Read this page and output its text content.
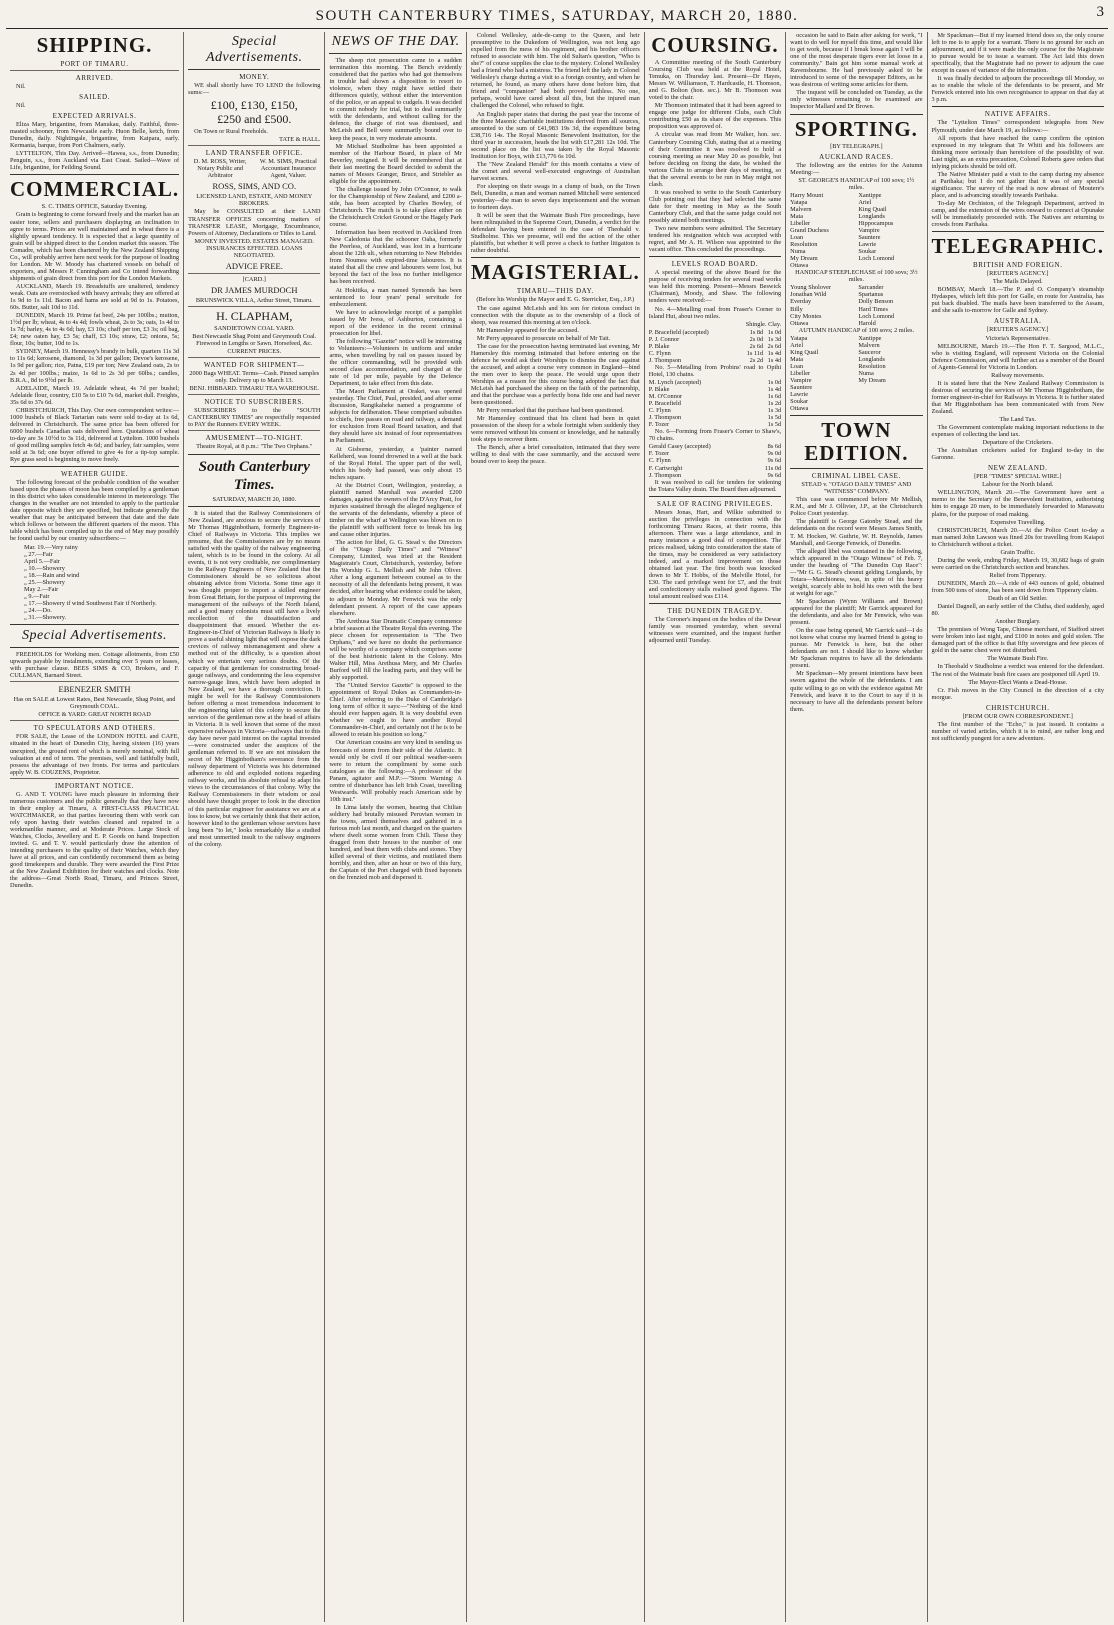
SOUTH CANTERBURY TIMES, SATURDAY, MARCH 20, 1880.	3
SHIPPING.
PORT OF TIMARU.
ARRIVED.

Nil.

SAILED.

Nil.

EXPECTED ARRIVALS.

Eliza Mary, brigantine, from Manukau, daily. Faithful, three-masted schooner, from Newcastle early. Huon Belle, ketch, from Dunedin, daily. Nightingale, brigantine, from Kaipara, early. Kermania, barque, from Port Chalmers, early.

LYTTELTON, This Day. Arrived—Hawea, s.s., from Dunedin; Penguin, s.s., from Auckland via East Coast. Sailed—Wave of Life, brigantine, for Feilding Sound.

COMMERCIAL.

S. C. TIMES OFFICE, Saturday Evening.

Grain is beginning to come forward freely and the market has an easier tone, sellers and purchasers displaying an inclination to agree to terms. Prices are well maintained and in wheat there is a slightly upward tendency. It is expected that a large quantity of grain will be shipped direct to the London market this season. The Comadre, which has been chartered by the New Zealand Shipping Co., will probably arrive here next week for the purpose of loading for London. Mr W. Moody has chartered vessels on behalf of exporters, and Messrs P. Cunningham and Co intend forwarding shipments of grain direct from this port for the London Markets.

AUCKLAND, March 19. Breadstuffs are unaltered, tendency weak. Oats are overstocked with heavy arrivals; they are offered at 1s 9d to 1s 11d. Bacon and hams are sold at 9d to 1s. Potatoes, 60s. Butter, salt 10d to 11d.

DUNEDIN, March 19. Prime fat beef, 24s per 100lbs.; mutton, 1½d per lb; wheat, 4s to 4s 4d; fowls wheat, 2s to 3s; oats, 1s 4d to 1s 7d; barley, 4s to 4s 6d; hay, £3 10s; chaff per ton, £3 3s; oil bag, £4; new oaten hay, £3 5s; chaff, £3 10s; straw, £2; onions, 5s; flour, 10s; butter, 10d to 1s.

SYDNEY, March 19. Hennessy's brandy in bulk, quarters 11s 3d to 11s 6d; kerosene, diamond, 1s 3d per gallon; Devoe's kerosene, 1s 9d per gallon; rice, Patna, £19 per ton; New Zealand oats, 2s to 2s 4d per 100lbs.; maize, 1s 6d to 2s 3d per 60lbs.; candles, B.R.A., 8d to 9½d per lb.

ADELAIDE, March 19. Adelaide wheat, 4s 7d per bushel; Adelaide flour, country, £10 5s to £10 7s 6d, market dull. Freights, 35s 6d to 37s 6d.

CHRISTCHURCH, This Day. Our own correspondent writes:—1000 bushels of Black Tartarian oats were sold to-day at 1s 6d, delivered in Christchurch. The same price has been offered for 6000 bushels Canadian oats delivered here. Quotations of wheat to-day are 3s 10½d to 3s 11d, delivered at Lyttelton. 1000 bushels of good milling samples fetch 4s 6d; and barley, fair samples, were sold at 3s 6d; one buyer offered to give 4s for a tip-top sample. Rye grass seed is beginning to move freely.

WEATHER GUIDE.

The following forecast of the probable condition of the weather based upon the phases of moon has been compiled by a gentleman in this district who takes considerable interest in meteorology. The changes in the weather are not intended to apply to the particular date opposite which they are specified, but indicate generally the weather that may be anticipated between that date and the date which follows or between the different quarters of the moon. This table which has been compiled up to the end of May may possibly be found useful by our country subscribers:—

Mar. 19.—Very rainy
„ 27.—Fair
April 5.—Fair
„ 10.—Showery
„ 18.—Rain and wind
„ 25.—Showery
May 2.—Fair
„ 9.—Fair
„ 17.—Showery if wind Southwest Fair if Northerly.
„ 24.—Do.
„ 31.—Showery.
Special Advertisements.

FREEHOLDS for Working men. Cottage allotments, from £50 upwards payable by instalments, extending over 5 years or leases, with purchase clause. BEES SIMS & CO, Brokers, and F. CULLMAN, Barnard Street.

EBENEZER SMITH

Has on SALE at Lowest Rates, Best Newcastle, Shag Point, and Greymouth COAL.

OFFICE & YARD: GREAT NORTH ROAD

TO SPECULATORS AND OTHERS.

FOR SALE, the Lease of the LONDON HOTEL and CAFE, situated in the heart of Dunedin City, having sixteen (16) years unexpired, the ground rent of which is merely nominal, with full valuation at end of term. The premises, well and faithfully built, possess the advantage of two fronts. For terms and particulars apply W. B. COUZENS, Proprietor.

IMPORTANT NOTICE.

G. AND T. YOUNG have much pleasure in informing their numerous customers and the public generally that they have now in their employ at Timaru, A FIRST-CLASS PRACTICAL WATCHMAKER, so that parties favouring them with work can rely upon having their watches cleaned and repaired in a workmanlike manner, and at Moderate Prices. Large Stock of Watches, Clocks, Jewellery and E. P. Goods on hand. Inspection invited. G. and T. Y. would particularly draw the attention of intending purchasers to the quality of their Watches, which they have at all prices, and can confidently recommend them as being good timekeepers and durable. They were awarded the First Prize at the New Zealand Exhibition for their watches and clocks. Note the address—Great North Road, Timaru, and Princes Street, Dunedin.

Special Advertisements.
MONEY.

WE shall shortly have TO LEND the following sums:—

£100, £130, £150,
£250 and £500.

On Town or Rural Freeholds.

TATE & HALL.

LAND TRANSFER OFFICE.
D. M. ROSS, Writer, Notary Public and Arbitrator
W. M. SIMS, Practical Accountant Insurance Agent, Valuer.
ROSS, SIMS, AND CO.

LICENSED LAND, ESTATE, AND MONEY BROKERS.

May be CONSULTED at their LAND TRANSFER OFFICES concerning matters of TRANSFER LEASE, Mortgage, Encumbrance, Powers of Attorney, Declarations or Titles to Land.

MONEY INVESTED. ESTATES MANAGED. INSURANCES EFFECTED. LOANS NEGOTIATED.

ADVICE FREE.

[CARD.]

DR JAMES MURDOCH

BRUNSWICK VILLA, Arthur Street, Timaru.

H. CLAPHAM,

SANDIETOWN COAL YARD.

Best Newcastle Shag Point and Greymouth Coal. Firewood in Lengths or Sawn. Horsefeed, &c.

CURRENT PRICES.

WANTED FOR SHIPMENT—

2000 Bags WHEAT. Terms—Cash. Pinned samples only. Delivery up to March 13.

BENJ. HIBBARD. TIMARU TEA WAREHOUSE.

NOTICE TO SUBSCRIBERS.

SUBSCRIBERS to the "SOUTH CANTERBURY TIMES" are respectfully requested to PAY the Runners EVERY WEEK.

AMUSEMENT—TO-NIGHT.

Theatre Royal, at 8 p.m.: "The Two Orphans."

South Canterbury Times.

SATURDAY, MARCH 20, 1880.

It is stated that the Railway Commissioners of New Zealand, are anxious to secure the services of Mr Thomas Higginbotham, formerly Engineer-in-Chief of Railways in Victoria. This implies we presume, that the Commissioners are by no means satisfied with the quality of the railway engineering talent, which is to be found in the colony. At all events, it is not very creditable, nor complimentary to the Railway Engineers of New Zealand that the Commissioners should be so solicitous about obtaining advice from Victoria. Some time ago it was thought proper to import a skilled engineer from Great Britain, for the purpose of improving the management of the railways of the North Island, and a good many colonists must still have a lively recollection of the dissatisfaction and disappointment that ensued. Whether the ex-Engineer-in-Chief of Victorian Railways is likely to prove a useful shining light that will expose the dark crevices of railway mismanagement and shew a method out of the difficulty, is a question about which we entertain very serious doubts. Of the capacity of that gentleman for constructing broad-gauge railways, and condemning the less expensive narrow-gauge lines, which have been adopted in New Zealand, we have a thorough conviction. It might be well for the Railway Commissioners before offering a most tremendous inducement to the engineering talent of this colony to secure the services of the gentleman now at the head of affairs in Victoria. It is well known that some of the most expensive railways in Victoria—railways that to this day have never paid interest on the capital invested—were constructed under the auspices of the gentleman referred to. If we are not mistaken the secret of Mr Higginbotham's severance from the railway department of Victoria was his determined adherence to old and exploded notions regarding railway works, and his absolute refusal to adapt his views to the circumstances of that colony. Why the Railway Commissioners in their wisdom or zeal should have thought proper to look in the direction of this particular engineer for assistance we are at a loss to know, but we certainly think that their action, however kind to the gentleman whose services have long been "to let," looks remarkably like a studied and most unmerited insult to the railway engineers of the colony.

NEWS OF THE DAY.

The sheep riot prosecution came to a sudden termination this morning. The Bench evidently considered that the parties who had got themselves in trouble had shown a disposition to resort to violence, when they might have settled their differences quietly, without either the intervention of the police, or an appeal to cudgels. It was decided to commit nobody for trial, but to deal summarily with the defendants, and without calling for the defence, the charge of riot was dismissed, and McLeish and Bell were summarily bound over to keep the peace, in very moderate amounts.

Mr Michael Studholme has been appointed a member of the Harbour Board, in place of Mr Beverley, resigned. It will be remembered that at their last meeting the Board decided to submit the names of Messrs Granger, Bruce, and Striebler as eligible for the appointment.

The challenge issued by John O'Connor, to walk for the Championship of New Zealand, and £200 a-side, has been accepted by Charles Bowley, of Christchurch. The match is to take place either on the Christchurch Cricket Ground or the Hagely Park course.

Information has been received in Auckland from New Caledonia that the schooner Oaha, formerly the Peerless, of Auckland, was lost in a hurricane about the 12th ult., when returning to New Hebrides from Noumea with expired-time labourers. It is stated that all the crew and labourers were lost, but beyond the fact of the loss no further intelligence has been received.

At Hokitika, a man named Symonds has been sentenced to four years' penal servitude for embezzlement.

We have to acknowledge receipt of a pamphlet issued by Mr Ivess, of Ashburton, containing a report of the evidence in the recent criminal prosecution for libel.

The following "Gazette" notice will be interesting to Volunteers:—Volunteers in uniform and under arms, when travelling by rail on passes issued by the officer commanding, will be provided with second class accommodation, and charged at the rate of 1d per mile, payable by the Defence Department, to take effect from this date.

The Maori Parliament at Orakei, was opened yesterday. The Chief, Paul, presided, and after some discussion, Rangikaheke named a programme of subjects for deliberation. These comprised subsidies to chiefs, free passes on road and railway, a demand for exclusion from Road Board taxation, and that they should have six instead of four representatives in Parliament.

At Gisborne, yesterday, a 'painter named Kelleherd, was found drowned in a well at the back of the Royal Hotel. The upper part of the well, which his body had passed, was only about 15 inches square.

At the District Court, Wellington, yesterday, a plaintiff named Marshall was awarded £200 damages, against the owners of the D'Arcy Pratt, for injuries sustained through the alleged negligence of the servants of the defendants, whereby a piece of timber on the wharf at Wellington was blown on to the plaintiff with sufficient force to break his leg and cause other injuries.

The action for libel, G. G. Stead v. the Directors of the "Otago Daily Times" and "Witness" Company, Limited, was tried at the Resident Magistrate's Court, Christchurch, yesterday, before His Worship G. L. Mellish and Mr John Oliver. After a long argument between counsel as to the necessity of all the defendants being present, it was decided, after hearing what evidence could be taken, to adjourn to Monday. Mr Fenwick was the only defendant present. A report of the case appears elsewhere.

The Arethusa Star Dramatic Company commence a brief season at the Theatre Royal this evening. The piece chosen for representation is "The Two Orphans," and we have no doubt the performance will be worthy of a company which comprises some of the best histrionic talent in the Colony. Mrs Walter Hill, Miss Arethusa Mery, and Mr Charles Burford will fill the leading parts, and they will be ably supported.

The "United Service Gazette" is opposed to the appointment of Royal Dukes as Commanders-in-Chief. After referring to the Duke of Cambridge's long term of office it says:—"Nothing of the kind should ever happen again. It is very doubtful even whether we ought to have another Royal Commander-in-Chief, and certainly not if he is to be allowed to retain his position so long."

Our American cousins are very kind in sending us forecasts of storm from their side of the Atlantic. It would only be civil if our political weather-seers were to return the compliment by some such catalogues as the following:—A professor of the Panam, agitator and M.P.:—"Storm Warning: A centre of disturbance has left Irish Coast, travelling Westwards. Will probably reach American side by 10th inst."

In Lima lately the women, hearing that Chilian soldiery had brutally misused Peruvian women in the towns, armed themselves and gathered in a furious mob last month, and charged on the quarters where dwelt some women from Chili. These they dragged from their houses to the number of one hundred, and beat them with clubs and stones. They killed several of their victims, and mutilated them horribly, and then, after an hour or two of this fury, the Captain of the Port charged with fixed bayonets on the frenzied mob and dispersed it.

Colonel Wellesley, aide-de-camp to the Queen, and heir presumptive to the Dukedom of Wellington, was not long ago expelled from the mess of his regiment, and his brother officers refused to associate with him. The old Sultan's question, "Who is she?" of course supplies the clue to the mystery. Colonel Wellesley had a friend who had a mistress. The friend left the lady in Colonel Wellesley's charge during a visit to a foreign country, and when he returned, he found, as many others have done before him, that friend and "companion" had both proved faithless. No one, perhaps, would have cared about all this, but the injured man challenged the Colonel, who refused to fight.

An English paper states that during the past year the income of the three Masonic charitable institutions derived from all sources, amounted to the sum of £41,983 19s 3d, the expenditure being £38,716 14s. The Royal Masonic Benevolent Institution, for the third year in succession, heads the list with £17,281 12s 10d. The second place on the list was taken by the Royal Masonic Institution for Boys, with £13,776 6s 10d.

The "New Zealand Herald" for this month contains a view of the comet and several well-executed engravings of Australian harvest scenes.

For sleeping on their swags in a clump of bush, on the Town Belt, Dunedin, a man and woman named Mitchell were sentenced yesterday—the man to seven days imprisonment and the woman to fourteen days.

It will be seen that the Waimate Bush Fire proceedings, have been relinquished in the Supreme Court, Dunedin, a verdict for the defendant having been entered in the case of Theobald v. Studholme. This we presume, will end the action of the other plaintiffs, but whether it will prove a check to further litigation is rather doubtful.

MAGISTERIAL.
TIMARU—THIS DAY.

(Before his Worship the Mayor and E. G. Sterricker, Esq., J.P.)

The case against McLeish and his son for riotous conduct in connection with the dispute as to the ownership of a flock of sheep, was resumed this morning at ten o'clock.

Mr Hamersley appeared for the accused.

Mr Perry appeared to prosecute on behalf of Mr Tait.

The case for the prosecution having terminated last evening, Mr Hamersley this morning intimated that before entering on the defence he would ask their Worships to dismiss the case against the accused, and adopt a course very common in England—bind the men over to keep the peace. He would urge upon their Worships as a reason for this course being adopted the fact that McLeish had purchased the sheep on the faith of the partnership, and that the purchase was a perfectly bona fide one and had never been questioned.

Mr Perry remarked that the purchase had been questioned.

Mr Hamersley continued that his client had been in quiet possession of the sheep for a whole fortnight when suddenly they were removed without his consent or knowledge, and he naturally took steps to recover them.

The Bench, after a brief consultation, intimated that they were willing to deal with the case summarily, and the accused were bound over to keep the peace.

COURSING.

A Committee meeting of the South Canterbury Coursing Club was held at the Royal Hotel, Temuka, on Thursday last. Present—Dr Hayes, Messrs W. Williamson, T. Hardcastle, H. Thomson, and G. Bolton (hon. sec.). Mr B. Thomson was voted to the chair.

Mr Thomson intimated that it had been agreed to engage one judge for different Clubs, each Club contributing £50 as its share of the expenses. This proposition was approved of.

A circular was read from Mr Walker, hon. sec. Canterbury Coursing Club, stating that at a meeting of their Committee it was resolved to hold a coursing meeting as near May 20 as possible, but before deciding on fixing the date, he wished the various Clubs to arrange their days of meeting, so that the several events to be run in May might not clash.

It was resolved to write to the South Canterbury Club pointing out that they had selected the same date for their meeting in May as the South Canterbury Club, and that the same judge could not possibly attend both meetings.

Two new members were admitted. The Secretary tendered his resignation which was accepted with regret, and Mr A. H. Wilson was appointed to the vacant office. This concluded the proceedings.

LEVELS ROAD BOARD.

A special meeting of the above Board for the purpose of receiving tenders for several road works was held this morning. Present—Messrs Beswick (Chairman), Moody, and Shaw. The following tenders were received:—

No. 4—Metalling road from Fraser's Corner to Island Hut, about two miles.

Shingle. Clay.

P. Bracefield (accepted)	1s 8d	1s 0d
P. J. Connor	2s 0d	1s 3d
P. Blake	2s 6d	2s 6d
C. Flynn	1s 11d	1s 4d
J. Thompson	2s 2d	1s 4d

No. 5—Metalling from Probins' road to Opihi Hotel, 130 chains.

M. Lynch (accepted)	1s 0d
P. Blake	1s 4d
M. O'Connor	1s 6d
P. Bracefield	1s 2d
C. Flynn	1s 3d
J. Thompson	1s 5d
F. Tozer	1s 5d

No. 6—Forming from Fraser's Corner to Shaw's, 70 chains.

Gerald Casey (accepted)	8s 6d
F. Tozer	9s 0d
C. Flynn	9s 6d
F. Cartwright	11s 0d
J. Thompson	9s 6d

It was resolved to call for tenders for widening the Totara Valley drain. The Board then adjourned.

SALE OF RACING PRIVILEGES.

Messrs Jonas, Hart, and Wilkie submitted to auction the privileges in connection with the forthcoming Timaru Races, at their rooms, this afternoon. There was a large attendance, and in many instances a good deal of competition. The prices realised, taking into consideration the state of the times, may be considered as very satisfactory indeed, and a marked improvement on those obtained last year. The first booth was knocked down to Mr T. Hobbs, of the Melville Hotel, for £30. The card privilege went for £7, and the fruit and confectionery stalls realised good figures. The total amount realised was £114.

THE DUNEDIN TRAGEDY.

The Coroner's inquest on the bodies of the Dewar family was resumed yesterday, when several witnesses were examined, and the inquest further adjourned until Tuesday.

occasion he said to Bain after asking for work, "I want to do well for myself this time, and would like to get work, because if I break loose again I will be one of the most desperate tigers ever let loose in a community." Bain got him some manual work at Ravensbourne. He had previously asked to be introduced to some of the newspaper Editors, as he was desirous of writing some articles for them.

The inquest will be concluded on Tuesday, as the only witnesses remaining to be examined are Inspector Mallard and Dr Brown.

SPORTING.

[BY TELEGRAPH.]

AUCKLAND RACES.

The following are the entries for the Autumn Meeting:—

ST. GEORGE'S HANDICAP of 100 sovs; 1½ miles.

Harry Mount
Yatapa
Malvern
Mata
Libeller
Grand Duchess
Loan
Resolution
Numa
My Dream
Ottawa
Xantippe
Ariel
King Quail
Longlands
Hippocampus
Vampire
Sauntere
Lawrie
Soukar
Loch Lomond

HANDICAP STEEPLECHASE of 100 sovs; 3½ miles.

Young Sholover
Jonathan Wild
Everday
Billy
City Montes
Ottawa
Sarcander
Spartanus
Dolly Benson
Hard Times
Loch Lomond
Harold

AUTUMN HANDICAP of 100 sovs; 2 miles.

Yatapa
Ariel
King Quail
Mata
Loan
Libeller
Vampire
Sauntere
Lawrie
Soukar
Ottawa
Xantippe
Malvern
Sauceror
Longlands
Resolution
Numa
My Dream
TOWN EDITION.
CRIMINAL LIBEL CASE.

STEAD v. "OTAGO DAILY TIMES" AND "WITNESS" COMPANY.

This case was commenced before Mr Mellish, R.M., and Mr J. Ollivier, J.P., at the Christchurch Police Court yesterday.

The plaintiff is George Gatonby Stead, and the defendants on the record were Messrs James Smith, T. M. Hocken, W. Guthrie, W. H. Reynolds, James Marshall, and George Fenwick, of Dunedin.

The alleged libel was contained in the following, which appeared in the "Otago Witness" of Feb. 7, under the heading of "The Dunedin Cup Race":—"Mr G. G. Stead's chesnut gelding Longlands, by Totara—Marchioness, was, in spite of his heavy weight, scarcely able to hold his own with the best at weight for age."

Mr Spackman (Wynn Williams and Brown) appeared for the plaintiff; Mr Garrick appeared for the defendants, and also for Mr Fenwick, who was present.

On the case being opened, Mr Garrick said—I do not know what course my learned friend is going to pursue. Mr Fenwick is here, but the other defendants are not. I should like to know whether Mr Spackman requires to have all the defendants present.

Mr Spackman—My present intentions have been sworn against the whole of the defendants. I am quite willing to go on with the evidence against Mr Fenwick, and leave it to the Court to say if it is necessary to have all the defendants present before them.

Mr Spackman—But if my learned friend does so, the only course left to me is to apply for a warrant. There is no ground for such an adjournment, and if it were made the only course for the Magistrate to pursue would be to issue a warrant. The Act laid this down specifically, that the Magistrate had no power to adjourn the case except in cases of variance of the information.

It was finally decided to adjourn the proceedings till Monday, so as to enable the whole of the defendants to be present, and Mr Fenwick entered into his own recognisance to appear on that day at 3 p.m.

NATIVE AFFAIRS.

The "Lyttelton Times" correspondent telegraphs from New Plymouth, under date March 19, as follows:—

All reports that have reached the camp confirm the opinion expressed in my telegram that Te Whiti and his followers are thinking more seriously than heretofore of the possibility of war. Last night, as an extra precaution, Colonel Roberts gave orders that inlying pickets should be told off.

The Native Minister paid a visit to the camp during my absence at Parihaka; but I do not gather that it was of any special significance. The survey of the road is now abreast of Moutere's place, and is advancing steadily towards Parihaka.

To-day Mr Orchiston, of the Telegraph Department, arrived in camp, and the extension of the wires onward to connect at Opunake will be immediately proceeded with. The Natives are returning to crowds from Parihaka.

TELEGRAPHIC.
BRITISH AND FOREIGN.

[REUTER'S AGENCY.]

The Mails Delayed.

BOMBAY, March 18.—The P. and O. Company's steamship Hydaspes, which left this port for Galle, en route for Australia, has put back disabled. The mails have been transferred to the Assam, and she sails to-morrow for Galle and Sydney.

AUSTRALIA.

[REUTER'S AGENCY.]

Victoria's Representative.

MELBOURNE, March 19.—The Hon F. T. Sargood, M.L.C., who is visiting England, will represent Victoria on the Colonial Defence Commission, and will further act as a member of the Board of Agents-General for Victoria in London.

Railway movements.

It is stated here that the New Zealand Railway Commission is desirous of securing the services of Mr Thomas Higginbotham, the former engineer-in-chief for Railways in Victoria. It is further stated that Mr Higginbotham has been communicated with from New Zealand.

The Land Tax.

The Government contemplate making important reductions in the expenses of collecting the land tax.

Departure of the Cricketers.

The Australian cricketers sailed for England to-day in the Garonne.

NEW ZEALAND.

[PER "TIMES" SPECIAL WIRE.]

Labour for the North Island.

WELLINGTON, March 20.—The Government have sent a memo to the Secretary of the Benevolent Institution, authorising him to engage 20 men, to be immediately forwarded to Manawatu plains, for the purpose of road making.

Expensive Travelling.

CHRISTCHURCH, March 20.—At the Police Court to-day a man named John Lawson was fined 20s for travelling from Kaiapoi to Christchurch without a ticket.

Grain Traffic.

During the week, ending Friday, March 19, 30,682 bags of grain were carried on the Christchurch section and branches.

Relief from Tipperary.

DUNEDIN, March 20.—A ride of 443 ounces of gold, obtained from 500 tons of stone, has been sent down from Tipperary claim.

Death of an Old Settler.

Daniel Dagnell, an early settler of the Clutha, died suddenly, aged 80.

Another Burglary.

The premises of Wong Tape, Chinese merchant, of Stafford street were broken into last night, and £100 in notes and gold stolen. The damaged part of the office is that fifty sovereigns and few pieces of gold in the same chest were not disturbed.

The Waimate Bush Fire.

In Theobald v Studholme a verdict was entered for the defendant. The rest of the Waimate bush fire cases are postponed till April 19.

The Mayor-Elect Wants a Dead-House.

Cr. Fish moves in the City Council in the direction of a city morgue.

CHRISTCHURCH.

[FROM OUR OWN CORRESPONDENT.]

The first number of the "Echo," is just issued. It contains a number of varied articles, which it is to mind, are rather long and not sufficiently pungent for a new adventure.
